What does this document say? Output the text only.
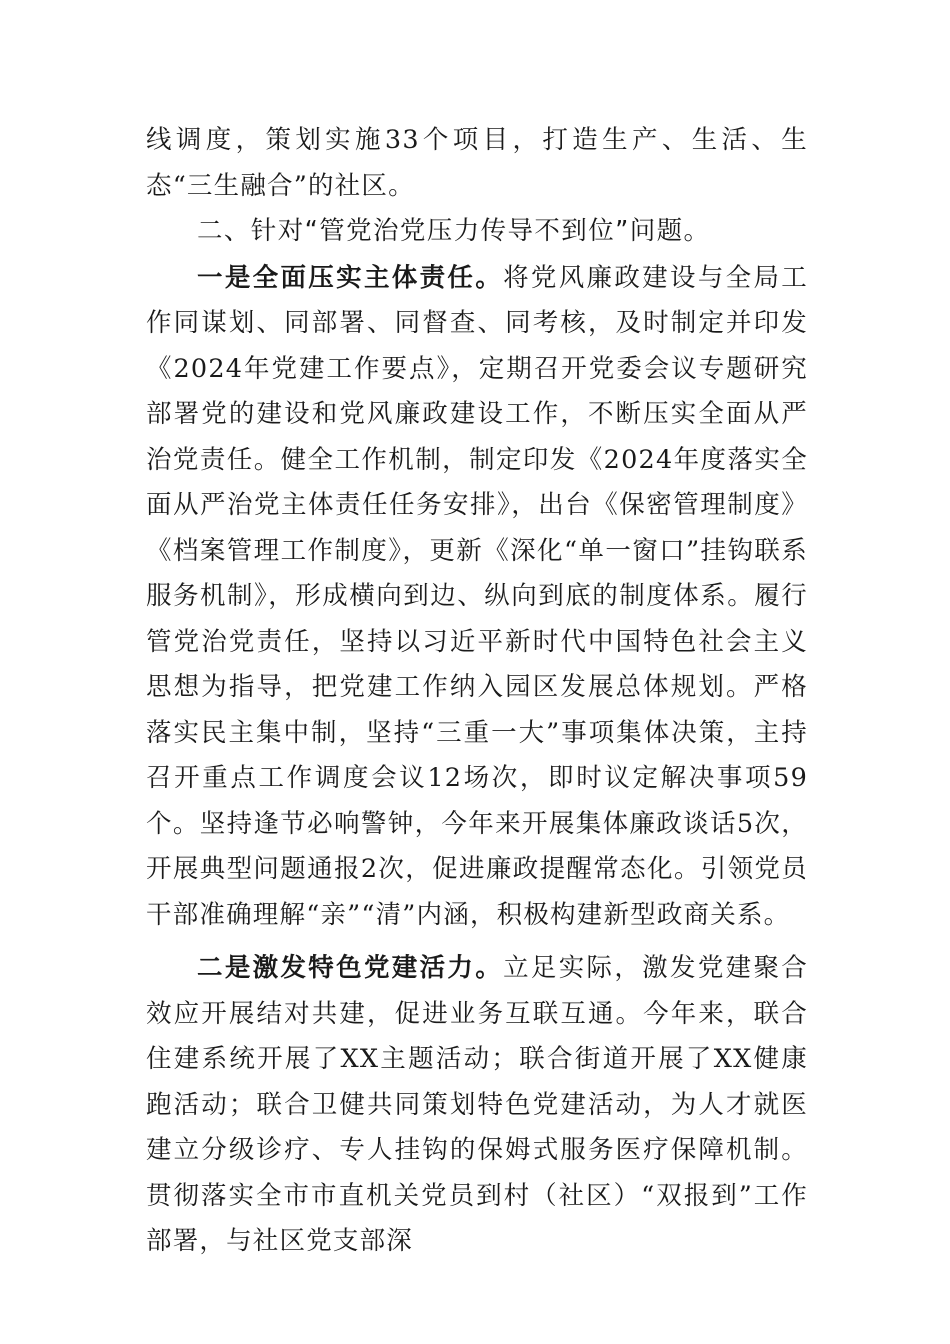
线调度，策划实施33个项目，打造生产、生活、生态“三生融合”的社区。

二、针对“管党治党压力传导不到位”问题。

一是全面压实主体责任。将党风廉政建设与全局工作同谋划、同部署、同督查、同考核，及时制定并印发《2024年党建工作要点》，定期召开党委会议专题研究部署党的建设和党风廉政建设工作，不断压实全面从严治党责任。健全工作机制，制定印发《2024年度落实全面从严治党主体责任任务安排》，出台《保密管理制度》《档案管理工作制度》，更新《深化“单一窗口”挂钩联系服务机制》，形成横向到边、纵向到底的制度体系。履行管党治党责任，坚持以习近平新时代中国特色社会主义思想为指导，把党建工作纳入园区发展总体规划。严格落实民主集中制，坚持“三重一大”事项集体决策，主持召开重点工作调度会议12场次，即时议定解决事项59个。坚持逢节必响警钟，今年来开展集体廉政谈话5次，开展典型问题通报2次，促进廉政提醒常态化。引领党员干部准确理解“亲”“清”内涵，积极构建新型政商关系。

二是激发特色党建活力。立足实际，激发党建聚合效应开展结对共建，促进业务互联互通。今年来，联合住建系统开展了XX主题活动；联合街道开展了XX健康跑活动；联合卫健共同策划特色党建活动，为人才就医建立分级诊疗、专人挂钩的保姆式服务医疗保障机制。贯彻落实全市市直机关党员到村（社区）“双报到”工作部署，与社区党支部深
